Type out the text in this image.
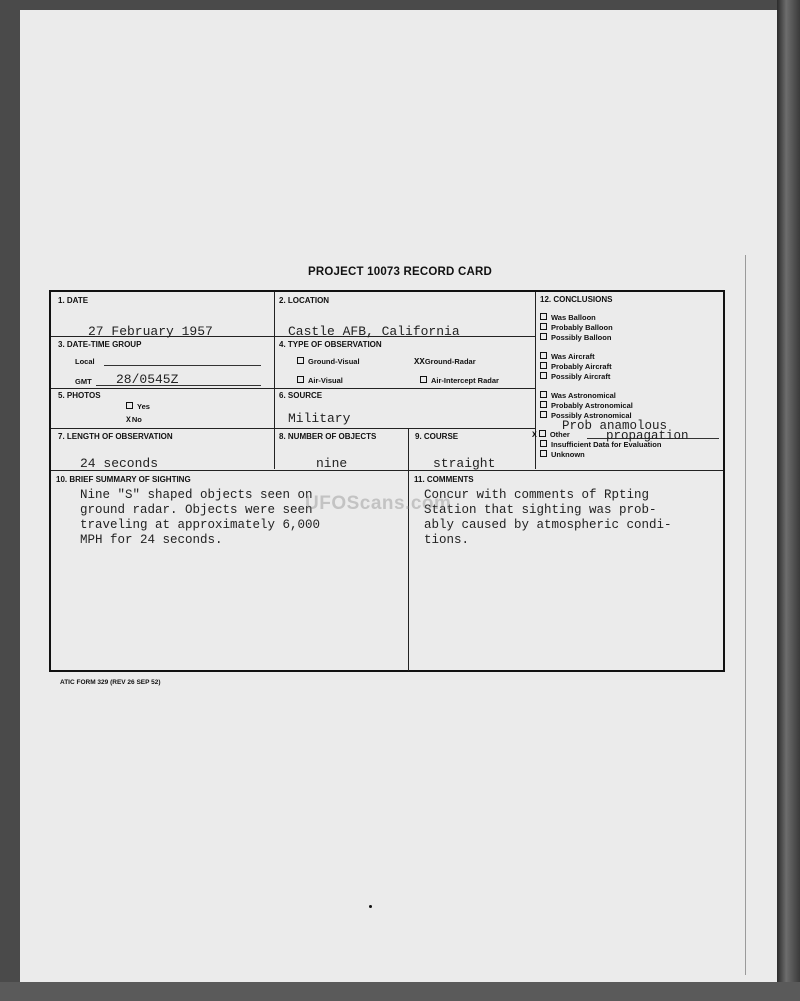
PROJECT 10073 RECORD CARD
1. DATE
27 February 1957
2. LOCATION
Castle AFB, California
3. DATE-TIME GROUP
Local
GMT 28/0545Z
4. TYPE OF OBSERVATION
Ground-Visual	XXGround-Radar
Air-Visual	Air-Intercept Radar
5. PHOTOS
Yes
XNo
6. SOURCE
Military
7. LENGTH OF OBSERVATION
24 seconds
8. NUMBER OF OBJECTS
nine
9. COURSE
straight
10. BRIEF SUMMARY OF SIGHTING
Nine "S" shaped objects seen on
ground radar. Objects were seen
traveling at approximately 6,000
MPH for 24 seconds.
11. COMMENTS
Concur with comments of Rpting
Station that sighting was prob-
ably caused by atmospheric condi-
tions.
12. CONCLUSIONS
Was Balloon
Probably Balloon
Possibly Balloon
Was Aircraft
Probably Aircraft
Possibly Aircraft
Was Astronomical
Probably Astronomical
Possibly Astronomical
Prob anamolous
X Other	propagation
Insufficient Data for Evaluation
Unknown
UFOScans.com
ATIC FORM 329 (REV 26 SEP 52)
